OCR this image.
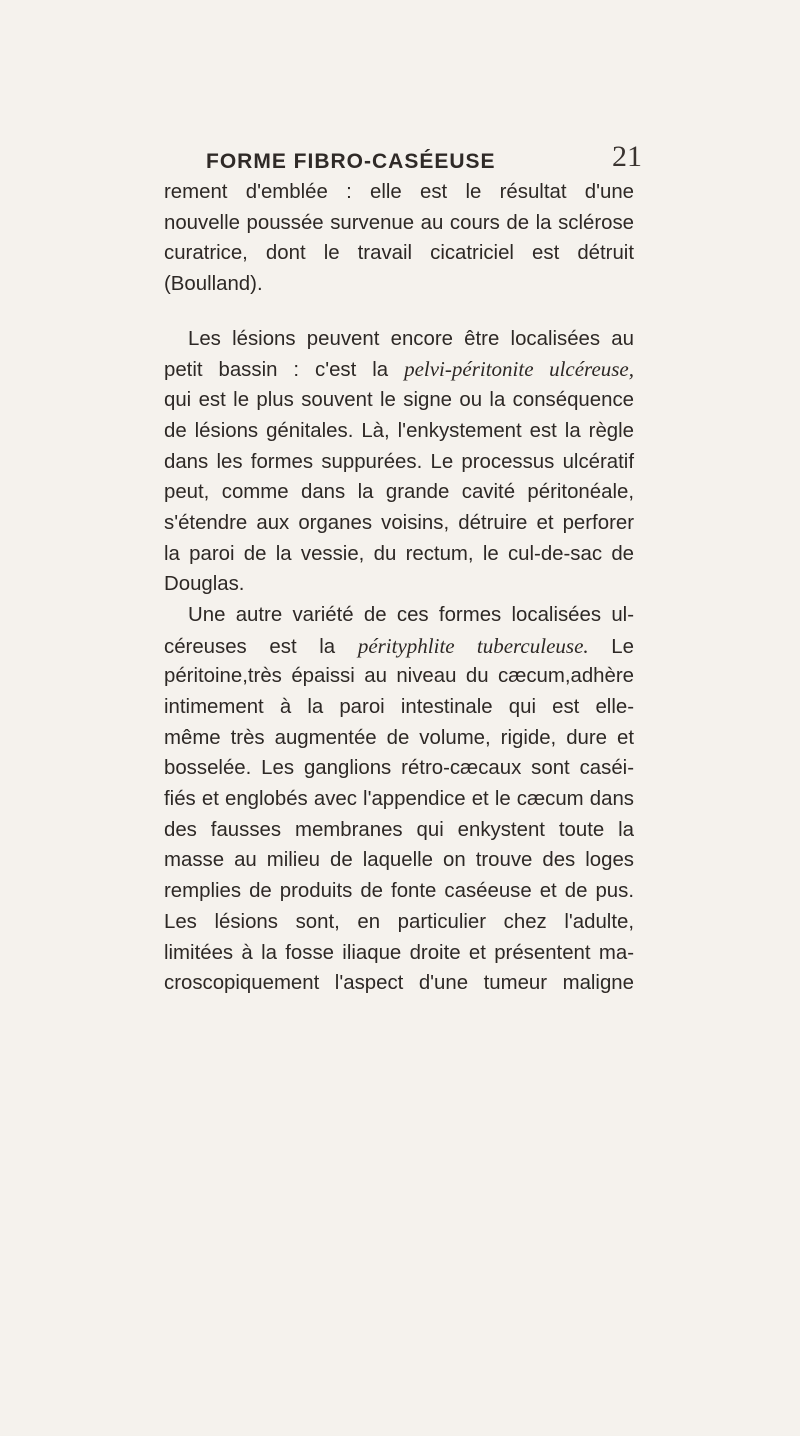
FORME FIBRO-CASÉEUSE	21
rement d'emblée : elle est le résultat d'une
nouvelle poussée survenue au cours de la sclérose
curatrice, dont le travail cicatriciel est détruit
(Boulland).
Les lésions peuvent encore être localisées au
petit bassin : c'est la pelvi-péritonite ulcéreuse,
qui est le plus souvent le signe ou la conséquence
de lésions génitales. Là, l'enkystement est la règle
dans les formes suppurées. Le processus ulcératif
peut, comme dans la grande cavité péritonéale,
s'étendre aux organes voisins, détruire et perforer
la paroi de la vessie, du rectum, le cul-de-sac de
Douglas.
Une autre variété de ces formes localisées ul-
céreuses est la pérityphlite tuberculeuse. Le
péritoine,très épaissi au niveau du cæcum,adhère
intimement à la paroi intestinale qui est elle-
même très augmentée de volume, rigide, dure et
bosselée. Les ganglions rétro-cæcaux sont caséi-
fiés et englobés avec l'appendice et le cæcum dans
des fausses membranes qui enkystent toute la
masse au milieu de laquelle on trouve des loges
remplies de produits de fonte caséeuse et de pus.
Les lésions sont, en particulier chez l'adulte,
limitées à la fosse iliaque droite et présentent ma-
croscopiquement l'aspect d'une tumeur maligne
